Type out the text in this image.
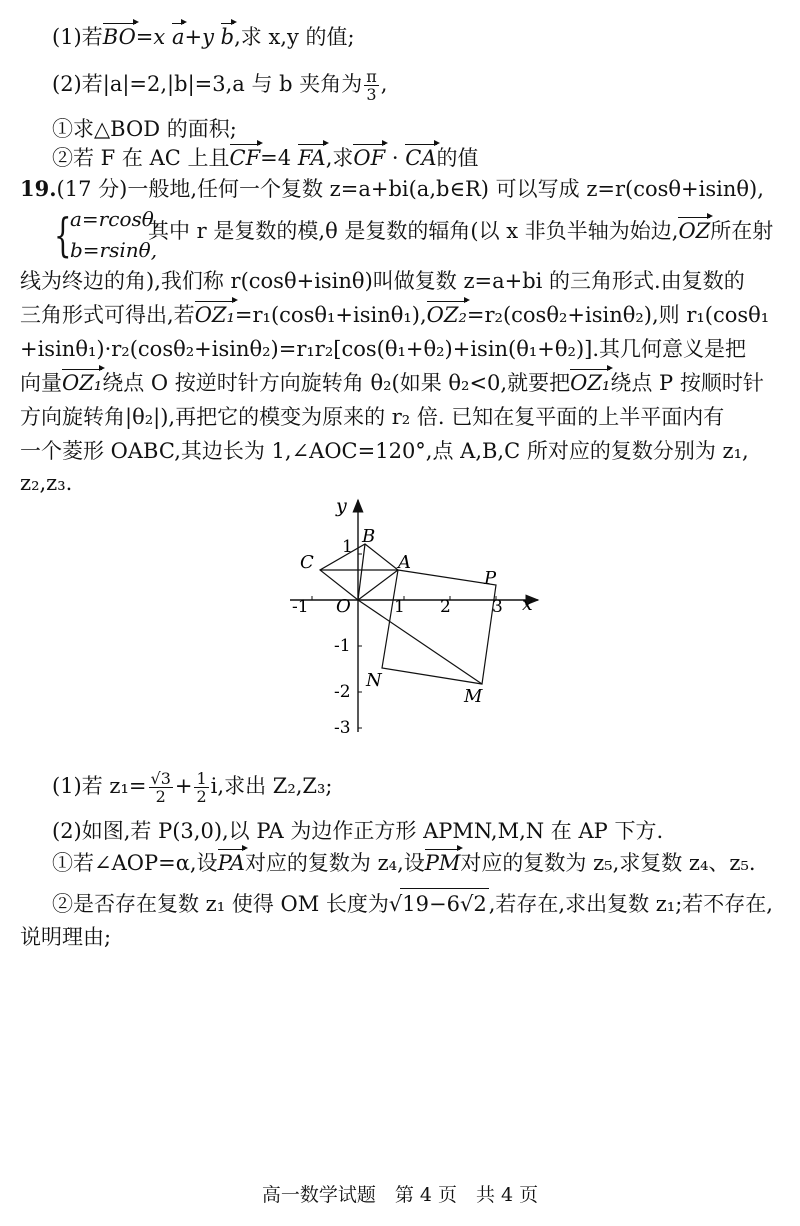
(1)若BO=x a+y b,求 x,y 的值;
(2)若|a|=2,|b|=3,a 与 b 夹角为 $\frac{\pi}{3}$ ,
①求△BOD 的面积;
②若 F 在 AC 上且CF=4 FA,求OF · CA的值
19.(17 分)一般地,任何一个复数 z=a+bi(a,b∈R) 可以写成 z=r(cosθ+isinθ),
{
a=rcosθ,
b=rsinθ,
其中 r 是复数的模,θ 是复数的辐角(以 x 非负半轴为始边,OZ所在射
线为终边的角),我们称 r(cosθ+isinθ)叫做复数 z=a+bi 的三角形式.由复数的
三角形式可得出,若OZ₁=r₁(cosθ₁+isinθ₁),OZ₂=r₂(cosθ₂+isinθ₂),则 r₁(cosθ₁
+isinθ₁)·r₂(cosθ₂+isinθ₂)=r₁r₂[cos(θ₁+θ₂)+isin(θ₁+θ₂)].其几何意义是把
向量OZ₁绕点 O 按逆时针方向旋转角 θ₂(如果 θ₂<0,就要把OZ₁绕点 P 按顺时针
方向旋转角|θ₂|),再把它的模变为原来的 r₂ 倍. 已知在复平面的上半平面内有
一个菱形 OABC,其边长为 1,∠AOC=120°,点 A,B,C 所对应的复数分别为 z₁,
z₂,z₃.
y
x
O
A
B
C
P
M
N
-1	1 2 3
1
-1
-2
-3
(1)若 $z_1= \frac{√3}{2} + \frac{1}{2} i$,求出 Z₂,Z₃;
(2)如图,若 P(3,0),以 PA 为边作正方形 APMN,M,N 在 AP 下方.
①若∠AOP=α,设PA对应的复数为 z₄,设PM对应的复数为 z₅,求复数 z₄、z₅.
②是否存在复数 z₁ 使得 OM 长度为√19−6√2,若存在,求出复数 z₁;若不存在,
说明理由;
高一数学试题　第 4 页　共 4 页
